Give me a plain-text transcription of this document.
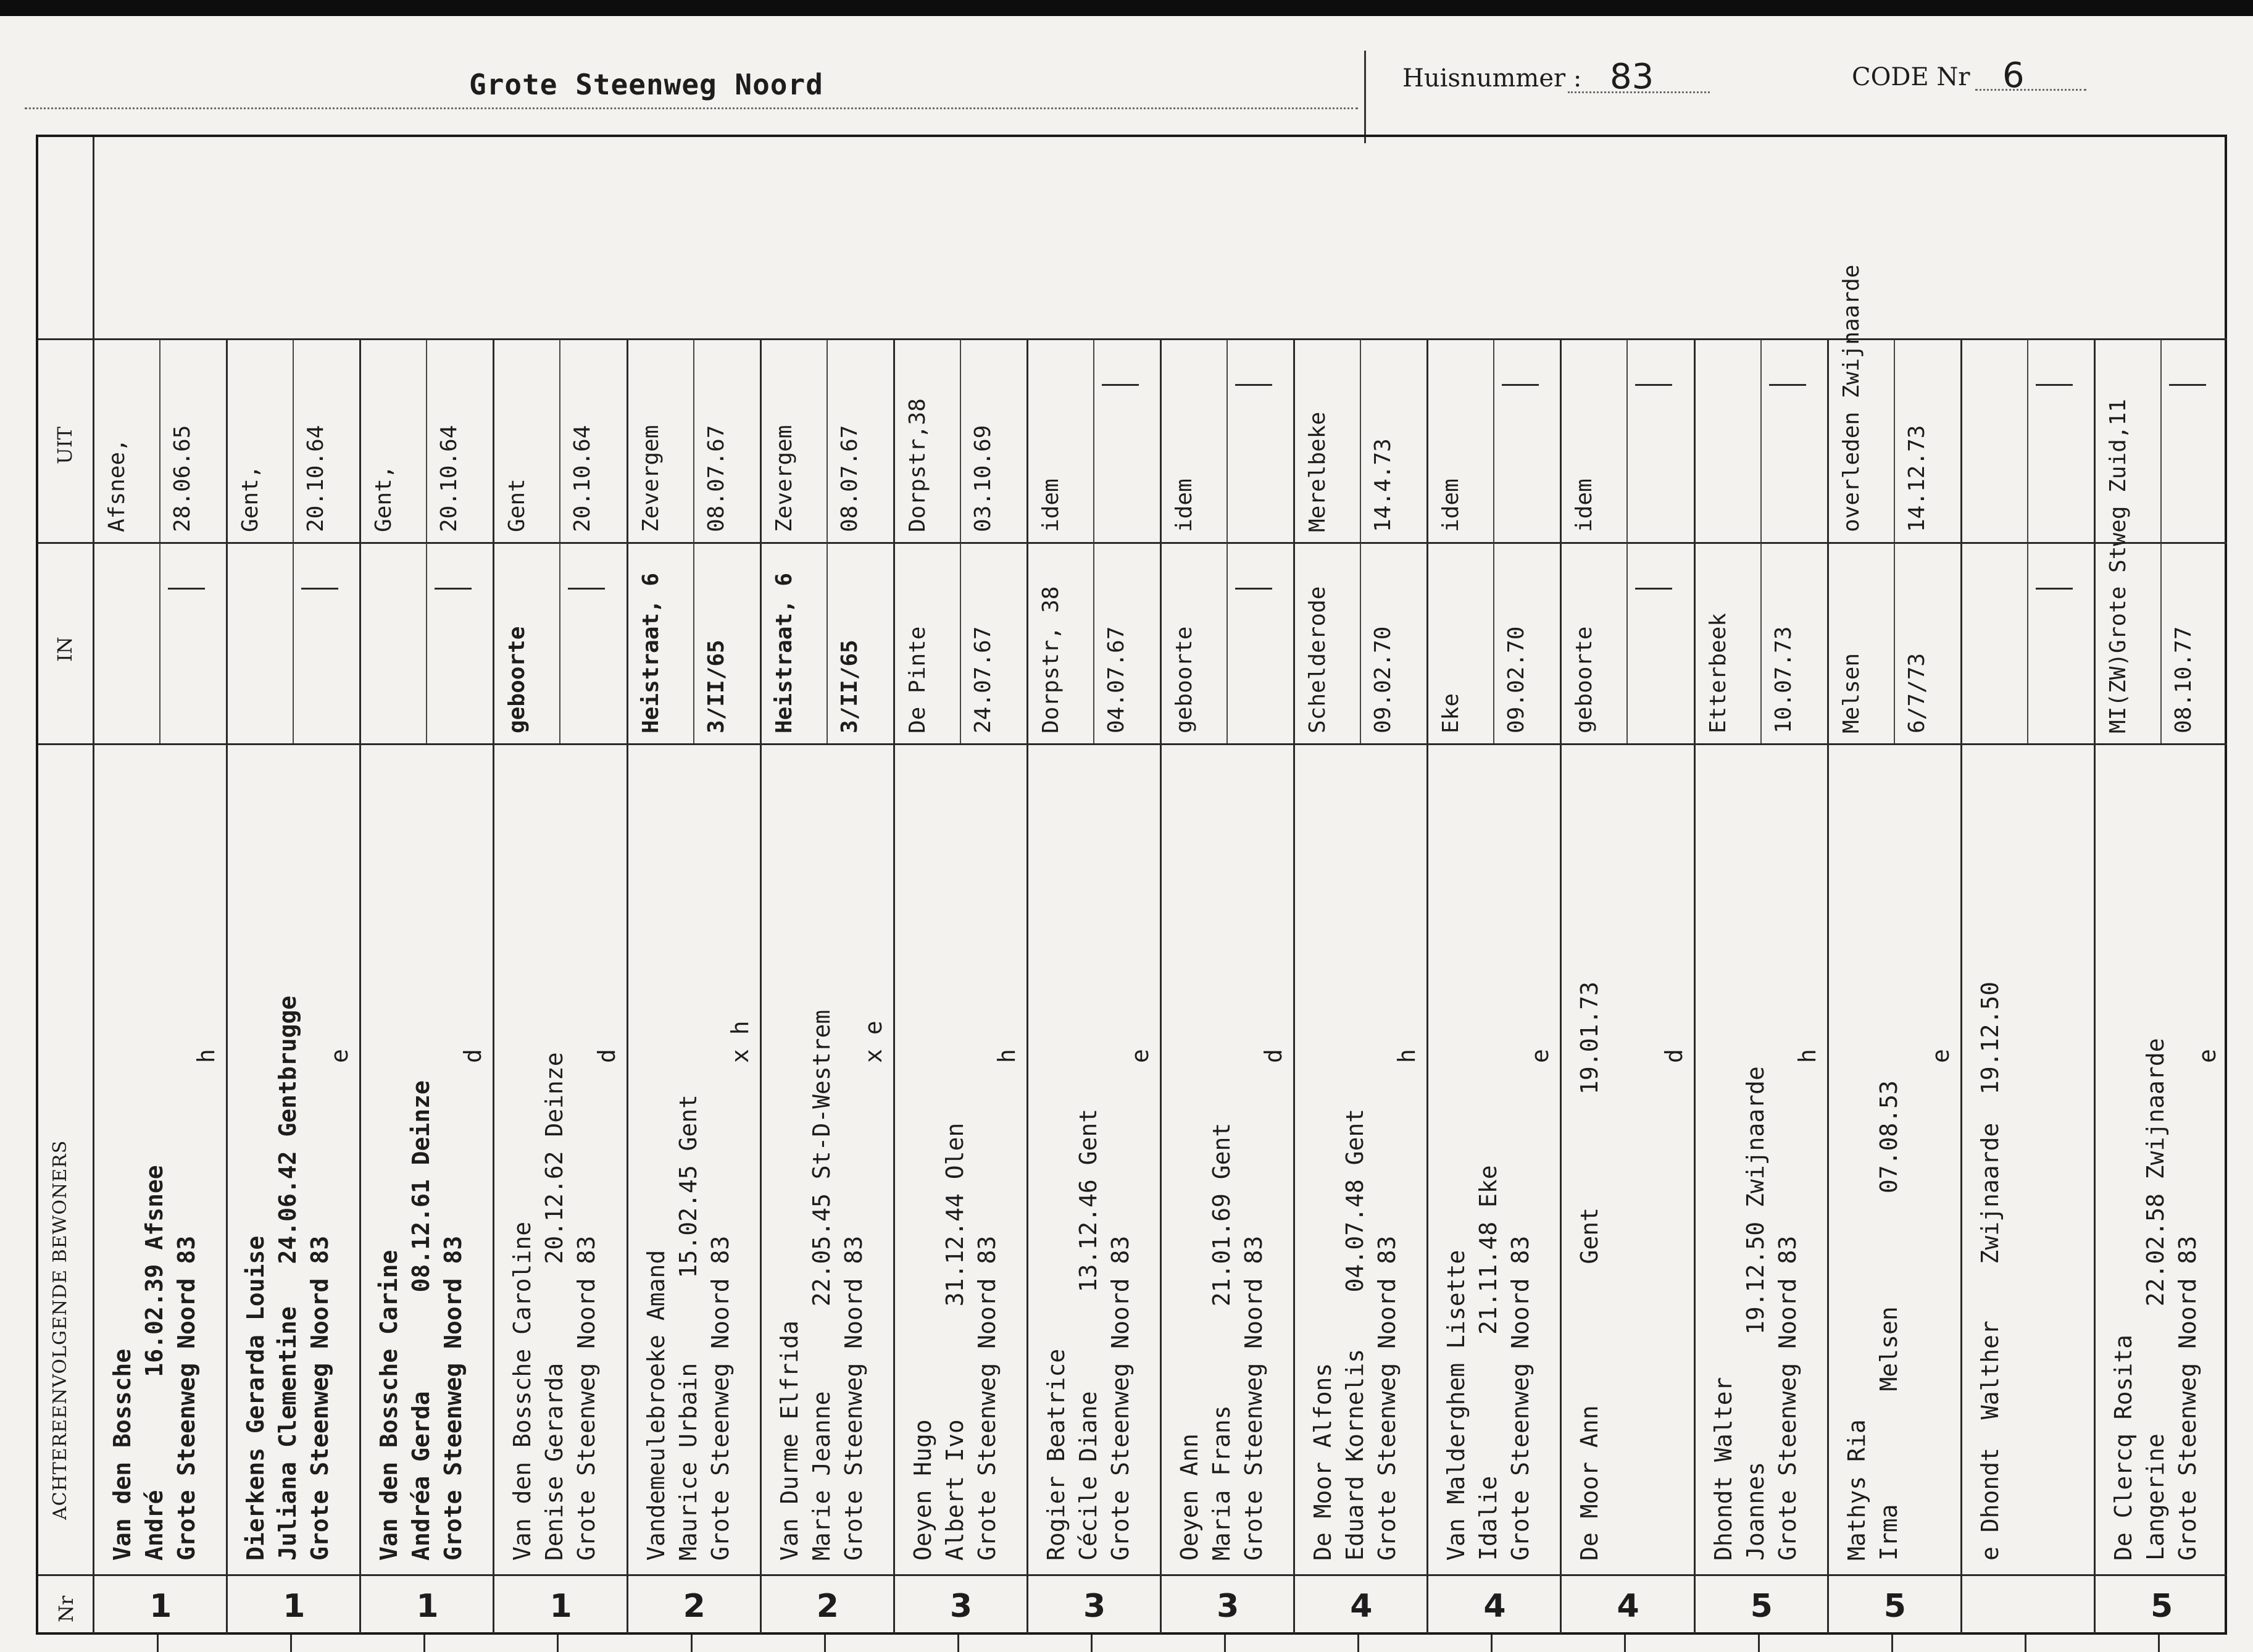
Grote Steenweg Noord	Huisnummer : 83	CODE Nr 6
ACHTEREENVOLGENDE BEWONERS
IN
UIT
Nr 1
Van den Bossche André        16.02.39 Afsnee Grote Steenweg Noord 83
h
Afsnee, 28.06.65
1
Dierkens Gerarda Louise Juliana Clementine   24.06.42 Gentbrugge Grote Steenweg Noord 83
e
Gent, 20.10.64
1
Van den Bossche Carine Andréa Gerda       08.12.61 Deinze Grote Steenweg Noord 83
d
Gent, 20.10.64
1
Van den Bossche Caroline Denise Gerarda       20.12.62 Deinze Grote Steenweg Noord 83
d
geboorte
Gent 20.10.64
2
Vandemeulebroeke Amand Maurice Urbain      15.02.45 Gent Grote Steenweg Noord 83
x h
Heistraat, 6 3/II/65
Zevergem 08.07.67
2
Van Durme Elfrida Marie Jeanne      22.05.45 St-D-Westrem Grote Steenweg Noord 83
x e
Heistraat, 6 3/II/65
Zevergem 08.07.67
3
Oeyen Hugo Albert Ivo        31.12.44 Olen Grote Steenweg Noord 83
h
De Pinte 24.07.67
Dorpstr,38 03.10.69
3
Rogier Beatrice Cécile Diane       13.12.46 Gent Grote Steenweg Noord 83
e
Dorpstr, 38 04.07.67
idem
3
Oeyen Ann Maria Frans       21.01.69 Gent Grote Steenweg Noord 83
d
geboorte
idem
4
De Moor Alfons Eduard Kornelis    04.07.48 Gent Grote Steenweg Noord 83
h
Schelderode 09.02.70
Merelbeke 14.4.73
4
Van Malderghem Lisette Idalie          21.11.48 Eke Grote Steenweg Noord 83
e
Eke 09.02.70
idem
4
De Moor Ann          Gent        19.01.73 d
geboorte
idem
5
Dhondt Walter Joannes         19.12.50 Zwijnaarde Grote Steenweg Noord 83
h
Etterbeek 10.07.73
5
Mathys Ria Irma        Melsen        07.08.53
e
Melsen 6/7/73
overleden Zwijnaarde 14.12.73
e Dhondt  Walther    Zwijnaarde  19.12.50
5
De Clercq Rosita Langerine         22.02.58 Zwijnaarde Grote Steenweg Noord 83
e
MI(ZW)Grote Stweg Zuid,11 08.10.77
